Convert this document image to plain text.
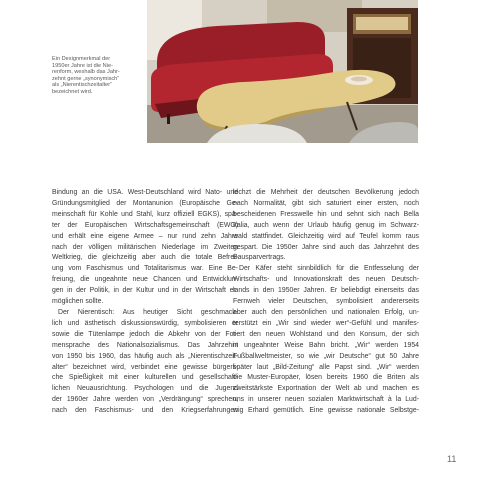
Ein Designmerkmal der
1950er Jahre ist die Nie-
renform, weshalb das Jahr-
zehnt gerne „synonymisch“
als „Nierentischzeitalter“
bezeichnet wird.
Bindung an die USA. West-Deutschland wird Nato- und
Gründungsmitglied der Montanunion (Europäische Ge-
meinschaft für Kohle und Stahl, kurz offiziell EGKS), spä-
ter der Europäischen Wirtschaftsgemeinschaft (EWG)
und erhält eine eigene Armee – nur rund zehn Jahre
nach der völligen militärischen Niederlage im Zweiten
Weltkrieg, die gleichzeitig aber auch die totale Befrei-
ung vom Faschismus und Totalitarismus war. Eine Be-
freiung, die ungeahnte neue Chancen und Entwicklun-
gen in der Politik, in der Kultur und in der Wirtschaft er-
möglichen sollte.
Der Nierentisch: Aus heutiger Sicht geschmack-
lich und ästhetisch diskussionswürdig, symbolisieren er
sowie die Tütenlampe jedoch die Abkehr von der For-
mensprache des Nationalsozialismus. Das Jahrzehnt
von 1950 bis 1960, das häufig auch als „Nierentischzeit-
alter“ bezeichnet wird, verbindet eine gewisse bürgerli-
che Spießigkeit mit einer kulturellen und gesellschaft-
lichen Neuausrichtung. Psychologen und die Jugend
der 1960er Jahre werden von „Verdrängung“ sprechen,
nach den Faschismus- und den Kriegserfahrungen
lechzt die Mehrheit der deutschen Bevölkerung jedoch
nach Normalität, gibt sich saturiert einer ersten, noch
bescheidenen Fresswelle hin und sehnt sich nach Bella
Italia, auch wenn der Urlaub häufig genug im Schwarz-
wald stattfindet. Gleichzeitig wird auf Teufel komm raus
gespart. Die 1950er Jahre sind auch das Jahrzehnt des
Bausparvertrags.
Der Käfer steht sinnbildlich für die Entfesselung der
Wirtschafts- und Innovationskraft des neuen Deutsch-
lands in den 1950er Jahren. Er beliebdigt einerseits das
Fernweh vieler Deutschen, symbolisiert andererseits
aber auch den persönlichen und nationalen Erfolg, un-
terstützt ein „Wir sind wieder wer“-Gefühl und manifes-
tiert den neuen Wohlstand und den Konsum, der sich
in ungeahnter Weise Bahn bricht. „Wir“ werden 1954
Fußballweltmeister, so wie „wir Deutsche“ gut 50 Jahre
später laut „Bild-Zeitung“ alle Papst sind. „Wir“ werden
die Muster-Europäer, lösen bereits 1960 die Briten als
zweitstärkste Exportnation der Welt ab und machen es
uns in unserer neuen sozialen Marktwirtschaft à la Lud-
wig Erhard gemütlich. Eine gewisse nationale Selbstge-
11
